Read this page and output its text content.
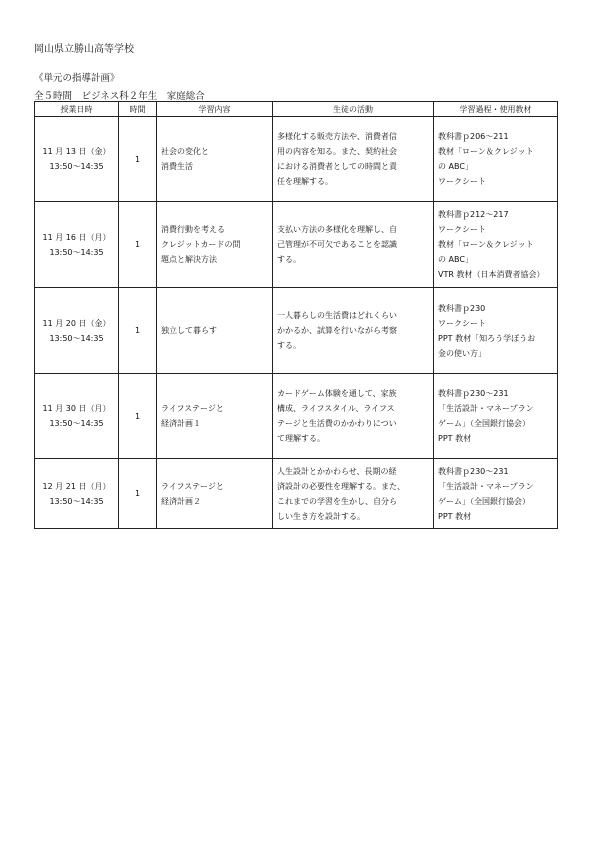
岡山県立勝山高等学校
《単元の指導計画》
全５時間　ビジネス科２年生　家庭総合
授業日時	時間	学習内容	生徒の活動	学習過程・使用教材

11 月 13 日（金）
13:50〜14:35	1	社会の変化と
消費生活	多様化する販売方法や、消費者信
用の内容を知る。また、契約社会
における消費者としての時間と責
任を理解する。	教科書ｐ206〜211
教材「ローン＆クレジット
の ABC」
ワークシート

11 月 16 日（月）
13:50〜14:35	1	消費行動を考える
クレジットカードの問
題点と解決方法	支払い方法の多様化を理解し、自
己管理が不可欠であることを認識
する。	教科書ｐ212〜217
ワークシート
教材「ローン＆クレジット
の ABC」
VTR 教材（日本消費者協会）

11 月 20 日（金）
13:50〜14:35	1	独立して暮らす	一人暮らしの生活費はどれくらい
かかるか、試算を行いながら考察
する。	教科書ｐ230
ワークシート
PPT 教材「知ろう学ぼうお
金の使い方」

11 月 30 日（月）
13:50〜14:35	1	ライフステージと
経済計画１	カードゲーム体験を通して、家族
構成、ライフスタイル、ライフス
テージと生活費のかかわりについ
て理解する。	教科書ｐ230〜231
「生活設計・マネープラン
ゲーム」（全国銀行協会）
PPT 教材

12 月 21 日（月）
13:50〜14:35	1	ライフステージと
経済計画２	人生設計とかかわらせ、長期の経
済設計の必要性を理解する。また、
これまでの学習を生かし、自分ら
しい生き方を設計する。	教科書ｐ230〜231
「生活設計・マネープラン
ゲーム」（全国銀行協会）
PPT 教材
